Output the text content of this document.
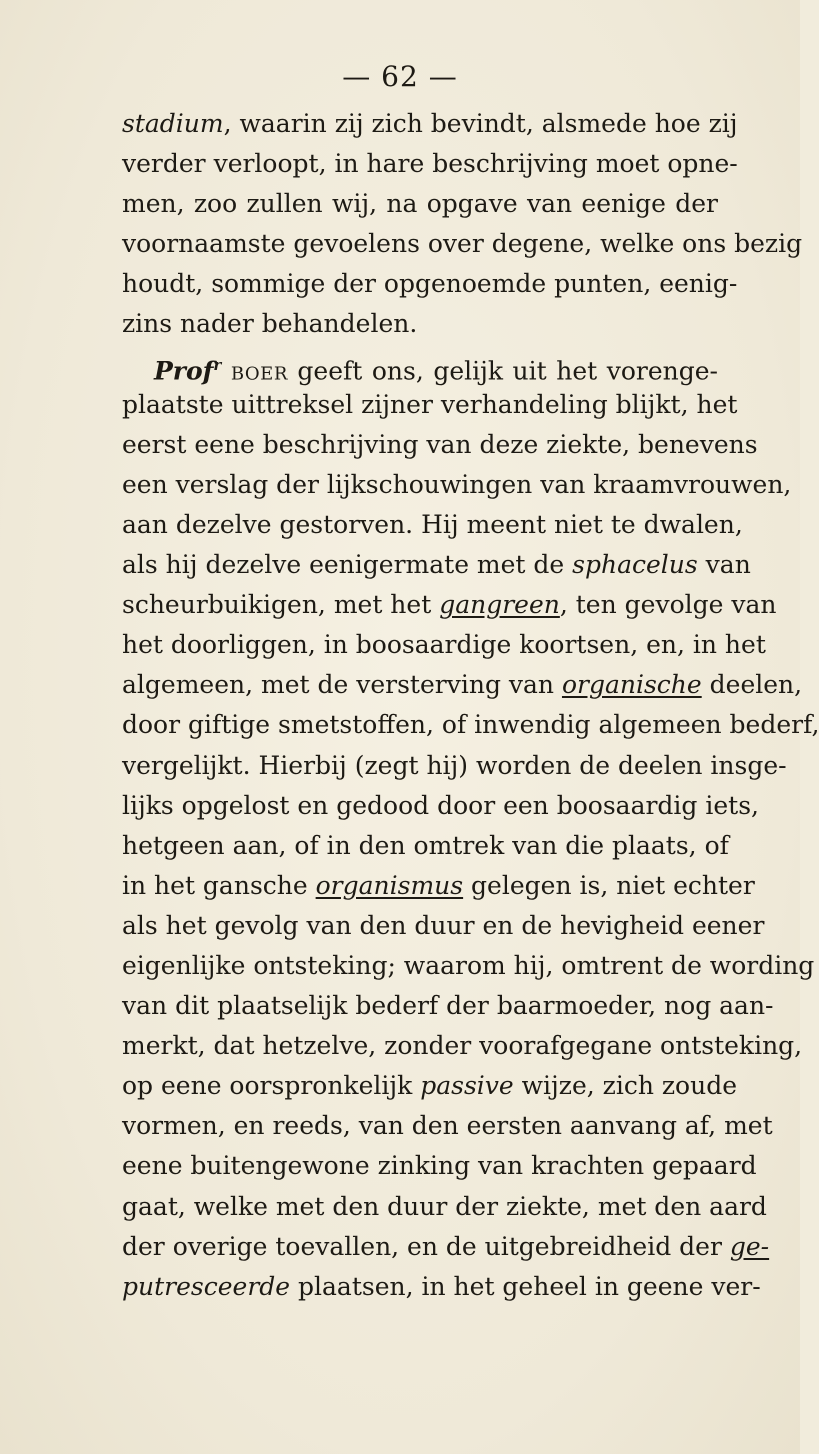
— 62 —
stadium, waarin zij zich bevindt, alsmede hoe zij
verder verloopt, in hare beschrijving moet opne-
men, zoo zullen wij, na opgave van eenige der
voornaamste gevoelens over degene, welke ons bezig
houdt, sommige der opgenoemde punten, eenig-
zins nader behandelen.
Prof$^r$ boer geeft ons, gelijk uit het vorenge-
plaatste uittreksel zijner verhandeling blijkt, het
eerst eene beschrijving van deze ziekte, benevens
een verslag der lijkschouwingen van kraamvrouwen,
aan dezelve gestorven. Hij meent niet te dwalen,
als hij dezelve eenigermate met de sphacelus van
scheurbuikigen, met het gangreen, ten gevolge van
het doorliggen, in boosaardige koortsen, en, in het
algemeen, met de versterving van organische deelen,
door giftige smetstoffen, of inwendig algemeen bederf,
vergelijkt. Hierbij (zegt hij) worden de deelen insge-
lijks opgelost en gedood door een boosaardig iets,
hetgeen aan, of in den omtrek van die plaats, of
in het gansche organismus gelegen is, niet echter
als het gevolg van den duur en de hevigheid eener
eigenlijke ontsteking; waarom hij, omtrent de wording
van dit plaatselijk bederf der baarmoeder, nog aan-
merkt, dat hetzelve, zonder voorafgegane ontsteking,
op eene oorspronkelijk passive wijze, zich zoude
vormen, en reeds, van den eersten aanvang af, met
eene buitengewone zinking van krachten gepaard
gaat, welke met den duur der ziekte, met den aard
der overige toevallen, en de uitgebreidheid der ge-
putresceerde plaatsen, in het geheel in geene ver-
